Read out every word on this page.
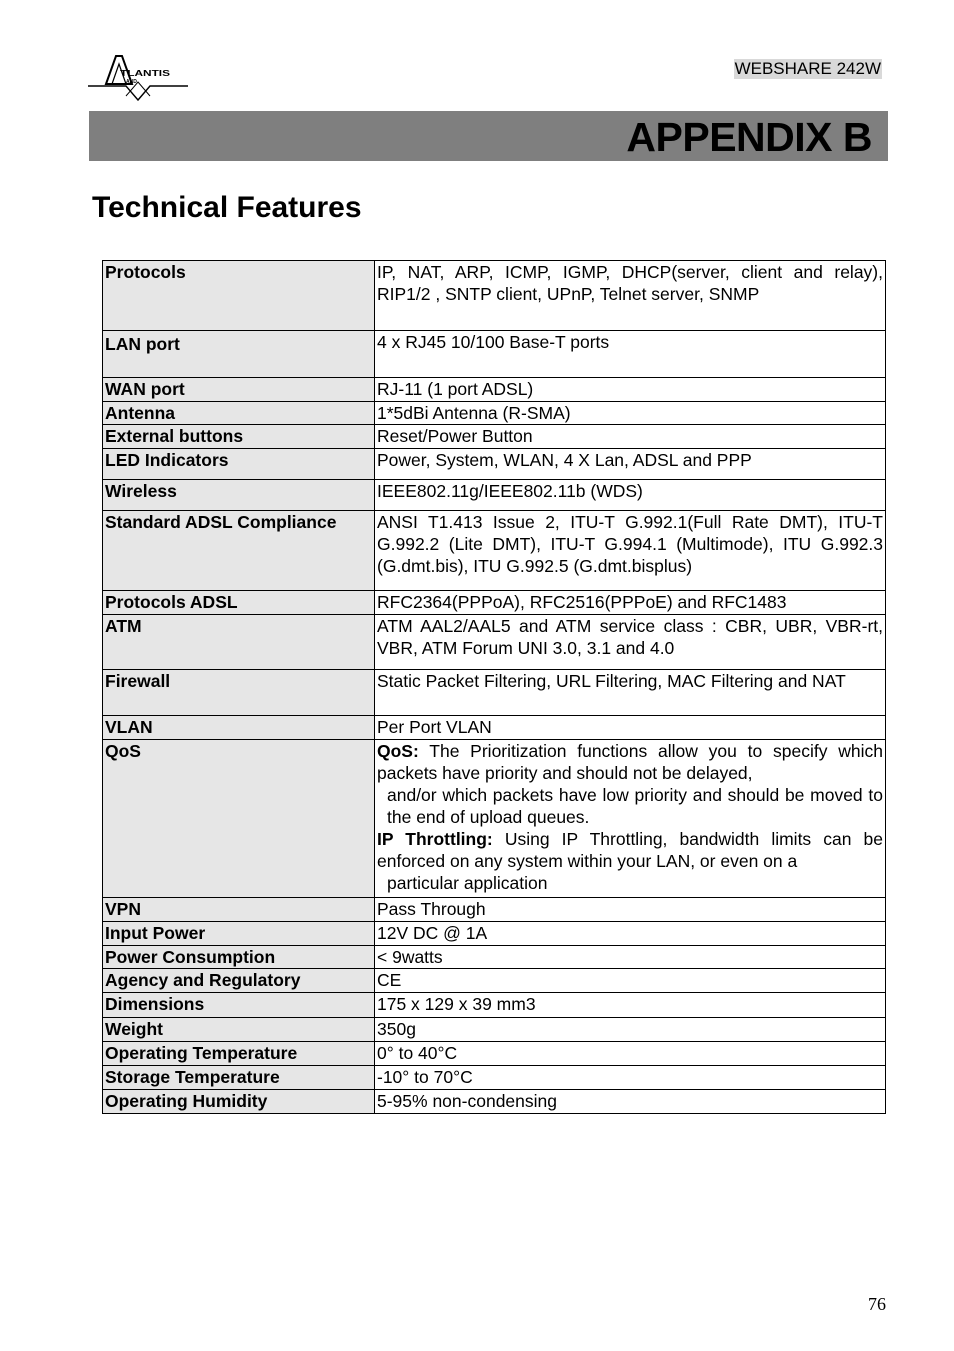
TLANTIS
AND
WEBSHARE 242W
APPENDIX B
Technical Features
Protocols	IP, NAT, ARP, ICMP, IGMP, DHCP(server, client and relay), RIP1/2 , SNTP client, UPnP, Telnet server, SNMP
LAN port	4 x RJ45 10/100 Base-T ports
WAN port	RJ-11 (1 port ADSL)
Antenna	1*5dBi Antenna (R-SMA)
External buttons	Reset/Power Button
LED Indicators	Power, System, WLAN, 4 X Lan, ADSL and PPP
Wireless	IEEE802.11g/IEEE802.11b (WDS)
Standard ADSL Compliance	ANSI T1.413 Issue 2, ITU-T G.992.1(Full Rate DMT), ITU-T G.992.2 (Lite DMT), ITU-T G.994.1 (Multimode), ITU G.992.3 (G.dmt.bis), ITU G.992.5 (G.dmt.bisplus)
Protocols ADSL	RFC2364(PPPoA), RFC2516(PPPoE) and RFC1483
ATM	ATM AAL2/AAL5 and ATM service class : CBR, UBR, VBR-rt, VBR, ATM Forum UNI 3.0, 3.1 and 4.0
Firewall	Static Packet Filtering, URL Filtering, MAC Filtering and NAT
VLAN	Per Port VLAN
QoS	QoS: The Prioritization functions allow you to specify which packets have priority and should not be delayed,
and/or which packets have low priority and should be moved to the end of upload queues.
IP Throttling: Using IP Throttling, bandwidth limits can be enforced on any system within your LAN, or even on a
particular application

VPN	Pass Through
Input Power	12V DC @ 1A
Power Consumption	< 9watts
Agency and Regulatory	CE
Dimensions	175 x 129 x 39 mm3
Weight	350g
Operating Temperature	0° to 40°C
Storage Temperature	-10° to 70°C
Operating Humidity	5-95% non-condensing
76
